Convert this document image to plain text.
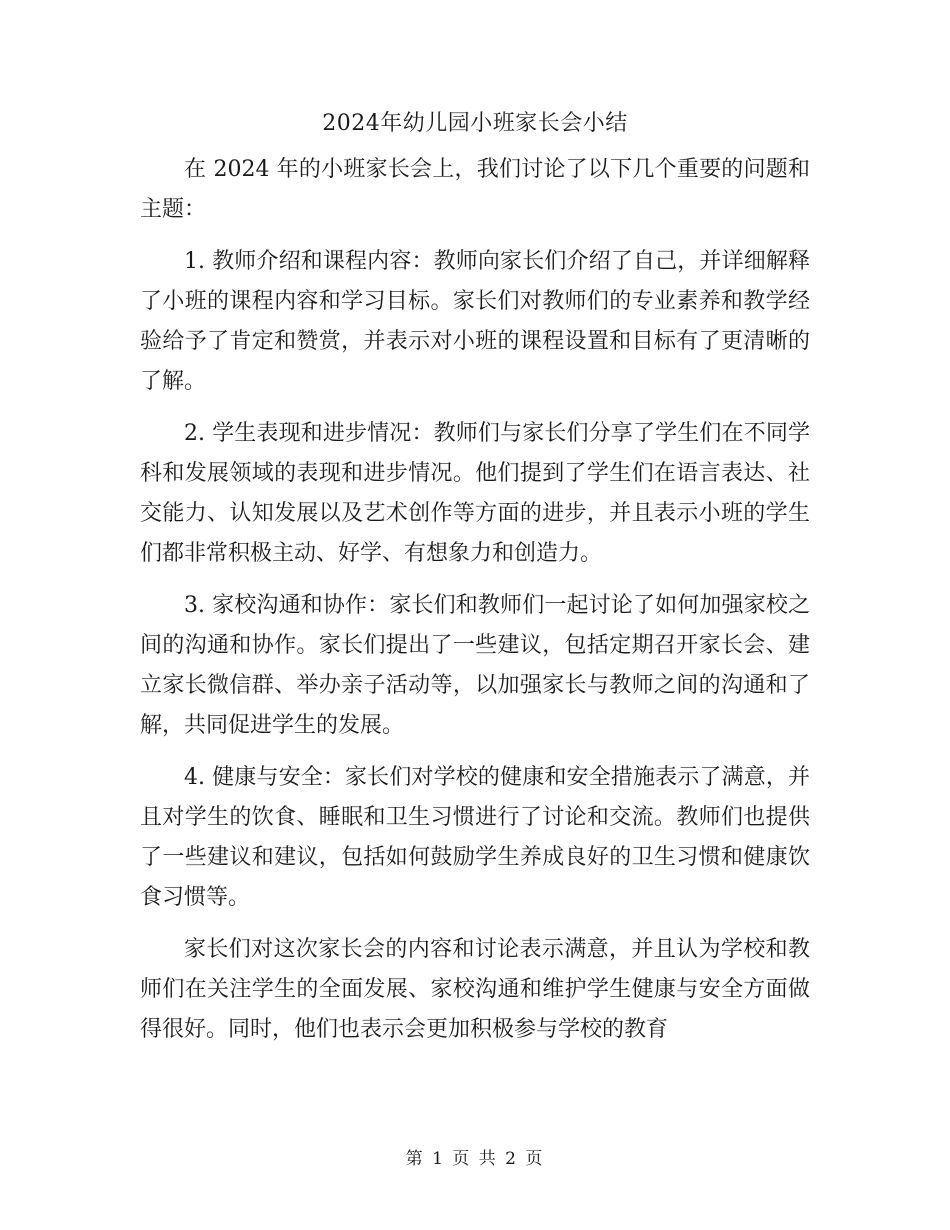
2024年幼儿园小班家长会小结

在 2024 年的小班家长会上，我们讨论了以下几个重要的问题和主题：

1. 教师介绍和课程内容：教师向家长们介绍了自己，并详细解释了小班的课程内容和学习目标。家长们对教师们的专业素养和教学经验给予了肯定和赞赏，并表示对小班的课程设置和目标有了更清晰的了解。

2. 学生表现和进步情况：教师们与家长们分享了学生们在不同学科和发展领域的表现和进步情况。他们提到了学生们在语言表达、社交能力、认知发展以及艺术创作等方面的进步，并且表示小班的学生们都非常积极主动、好学、有想象力和创造力。

3. 家校沟通和协作：家长们和教师们一起讨论了如何加强家校之间的沟通和协作。家长们提出了一些建议，包括定期召开家长会、建立家长微信群、举办亲子活动等，以加强家长与教师之间的沟通和了解，共同促进学生的发展。

4. 健康与安全：家长们对学校的健康和安全措施表示了满意，并且对学生的饮食、睡眠和卫生习惯进行了讨论和交流。教师们也提供了一些建议和建议，包括如何鼓励学生养成良好的卫生习惯和健康饮食习惯等。

家长们对这次家长会的内容和讨论表示满意，并且认为学校和教师们在关注学生的全面发展、家校沟通和维护学生健康与安全方面做得很好。同时，他们也表示会更加积极参与学校的教育

第 1 页 共 2 页
